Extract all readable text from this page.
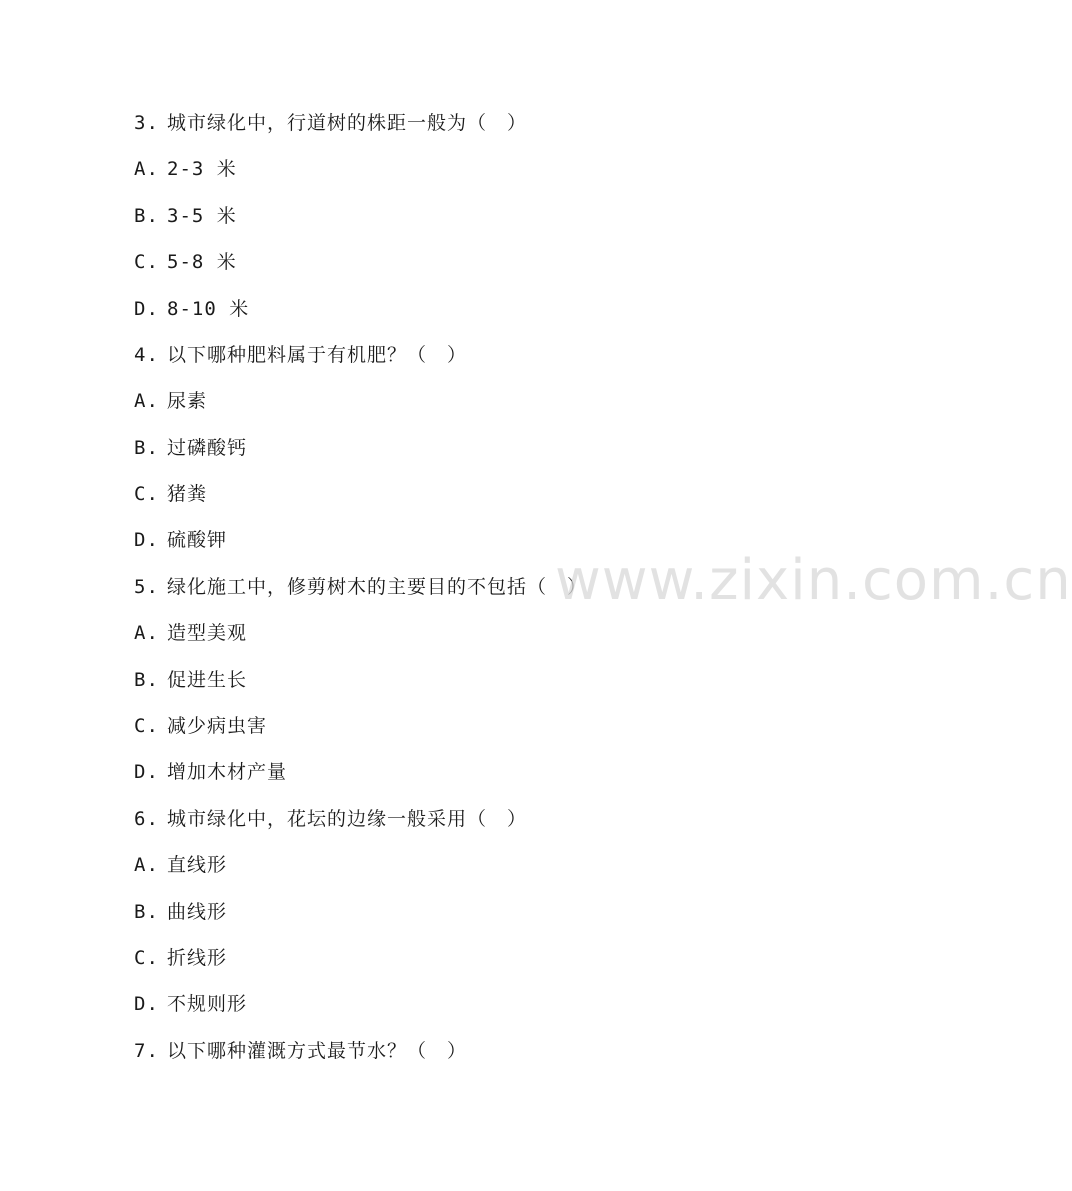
3. 城市绿化中，行道树的株距一般为（　）
A. 2-3 米
B. 3-5 米
C. 5-8 米
D. 8-10 米
4. 以下哪种肥料属于有机肥？（　）
A. 尿素
B. 过磷酸钙
C. 猪粪
D. 硫酸钾
5. 绿化施工中，修剪树木的主要目的不包括（　）
A. 造型美观
B. 促进生长
C. 减少病虫害
D. 增加木材产量
6. 城市绿化中，花坛的边缘一般采用（　）
A. 直线形
B. 曲线形
C. 折线形
D. 不规则形
7. 以下哪种灌溉方式最节水？（　）
www.zixin.com.cn
